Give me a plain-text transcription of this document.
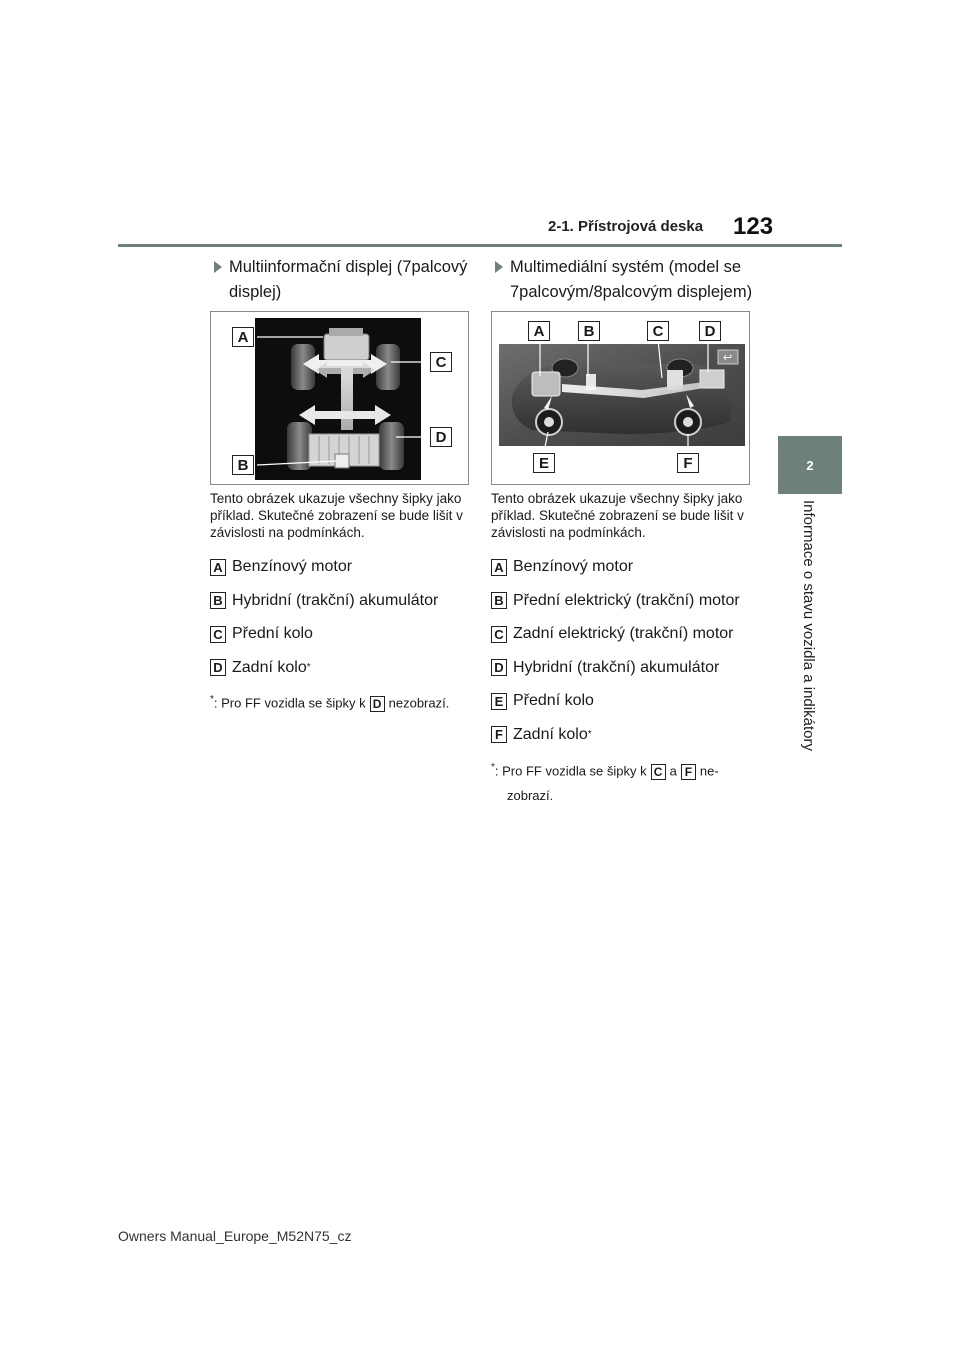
2-1. Přístrojová deska 123
2
Informace o stavu vozidla a indikátory
Multiinformační displej (7palcový displej)
A
B
C
D
Tento obrázek ukazuje všechny šipky jako příklad. Skutečné zobrazení se bude lišit v závislosti na podmínkách.
A Benzínový motor
B Hybridní (trakční) akumulátor
C Přední kolo
D Zadní kolo *
*: Pro FF vozidla se šipky k D nezobrazí.
Multimediální systém (model se 7palcovým/8palcovým displejem)
↩
A	B	C	D
E	F
Tento obrázek ukazuje všechny šipky jako příklad. Skutečné zobrazení se bude lišit v závislosti na podmínkách.
A Benzínový motor
B Přední elektrický (trakční) motor
C Zadní elektrický (trakční) motor
D Hybridní (trakční) akumulátor
E Přední kolo
F Zadní kolo *
*: Pro FF vozidla se šipky k C a F ne-
zobrazí.
Owners Manual_Europe_M52N75_cz
